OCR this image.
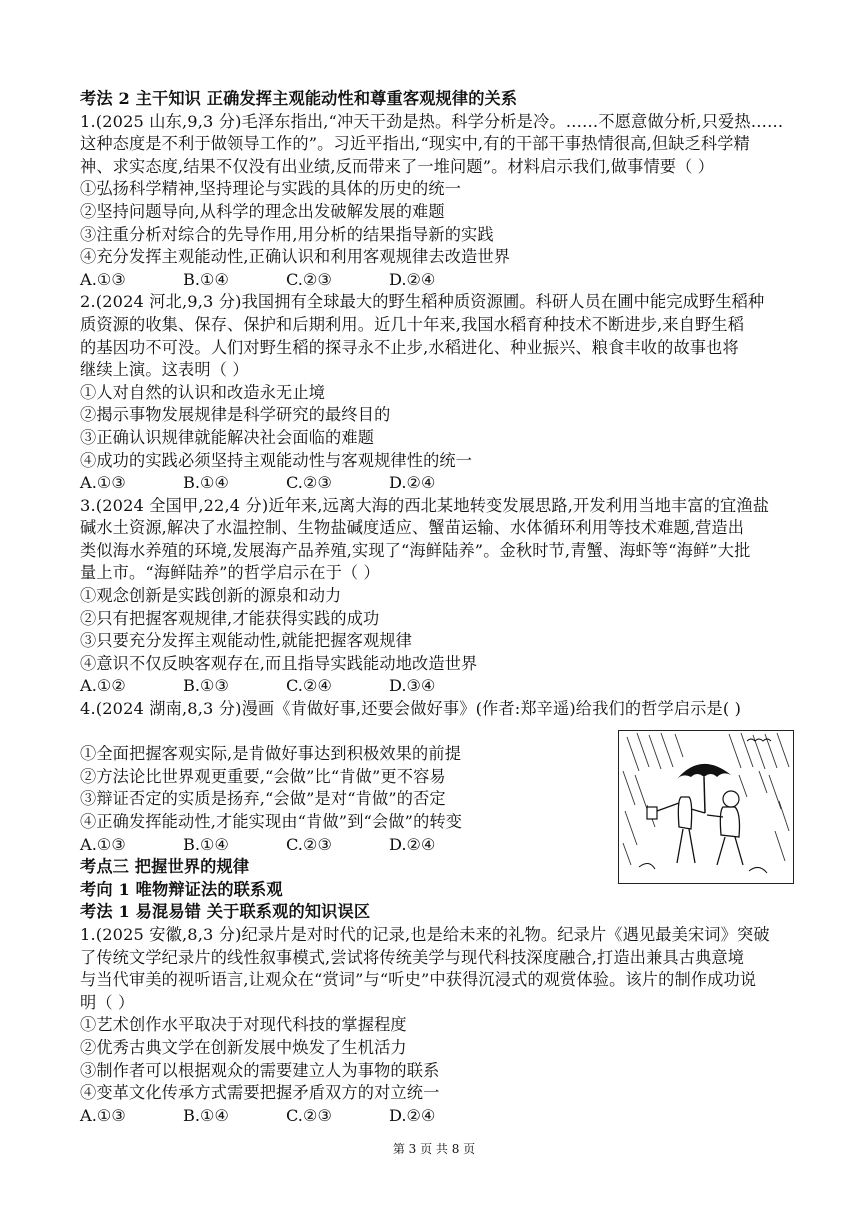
考法 2 主干知识 正确发挥主观能动性和尊重客观规律的关系
1.(2025 山东,9,3 分)毛泽东指出,“冲天干劲是热。科学分析是冷。……不愿意做分析,只爱热……
这种态度是不利于做领导工作的”。习近平指出,“现实中,有的干部干事热情很高,但缺乏科学精
神、求实态度,结果不仅没有出业绩,反而带来了一堆问题”。材料启示我们,做事情要（ ）
①弘扬科学精神,坚持理论与实践的具体的历史的统一
②坚持问题导向,从科学的理念出发破解发展的难题
③注重分析对综合的先导作用,用分析的结果指导新的实践
④充分发挥主观能动性,正确认识和利用客观规律去改造世界
A.①③	B.①④	C.②③	D.②④
2.(2024 河北,9,3 分)我国拥有全球最大的野生稻种质资源圃。科研人员在圃中能完成野生稻种
质资源的收集、保存、保护和后期利用。近几十年来,我国水稻育种技术不断进步,来自野生稻
的基因功不可没。人们对野生稻的探寻永不止步,水稻进化、种业振兴、粮食丰收的故事也将
继续上演。这表明（ ）
①人对自然的认识和改造永无止境
②揭示事物发展规律是科学研究的最终目的
③正确认识规律就能解决社会面临的难题
④成功的实践必须坚持主观能动性与客观规律性的统一
A.①③	B.①④	C.②③	D.②④
3.(2024 全国甲,22,4 分)近年来,远离大海的西北某地转变发展思路,开发利用当地丰富的宜渔盐
碱水土资源,解决了水温控制、生物盐碱度适应、蟹苗运输、水体循环利用等技术难题,营造出
类似海水养殖的环境,发展海产品养殖,实现了“海鲜陆养”。金秋时节,青蟹、海虾等“海鲜”大批
量上市。“海鲜陆养”的哲学启示在于（ ）
①观念创新是实践创新的源泉和动力
②只有把握客观规律,才能获得实践的成功
③只要充分发挥主观能动性,就能把握客观规律
④意识不仅反映客观存在,而且指导实践能动地改造世界
A.①②	B.①③	C.②④	D.③④
4.(2024 湖南,8,3 分)漫画《肯做好事,还要会做好事》(作者:郑辛遥)给我们的哲学启示是( )
①全面把握客观实际,是肯做好事达到积极效果的前提
②方法论比世界观更重要,“会做”比“肯做”更不容易
③辩证否定的实质是扬弃,“会做”是对“肯做”的否定
④正确发挥能动性,才能实现由“肯做”到“会做”的转变
A.①③	B.①④	C.②③	D.②④
考点三 把握世界的规律
考向 1 唯物辩证法的联系观
考法 1 易混易错 关于联系观的知识误区
1.(2025 安徽,8,3 分)纪录片是对时代的记录,也是给未来的礼物。纪录片《遇见最美宋词》突破
了传统文学纪录片的线性叙事模式,尝试将传统美学与现代科技深度融合,打造出兼具古典意境
与当代审美的视听语言,让观众在“赏词”与“听史”中获得沉浸式的观赏体验。该片的制作成功说
明（ ）
①艺术创作水平取决于对现代科技的掌握程度
②优秀古典文学在创新发展中焕发了生机活力
③制作者可以根据观众的需要建立人为事物的联系
④变革文化传承方式需要把握矛盾双方的对立统一
A.①③	B.①④	C.②③	D.②④
第 3 页 共 8 页
